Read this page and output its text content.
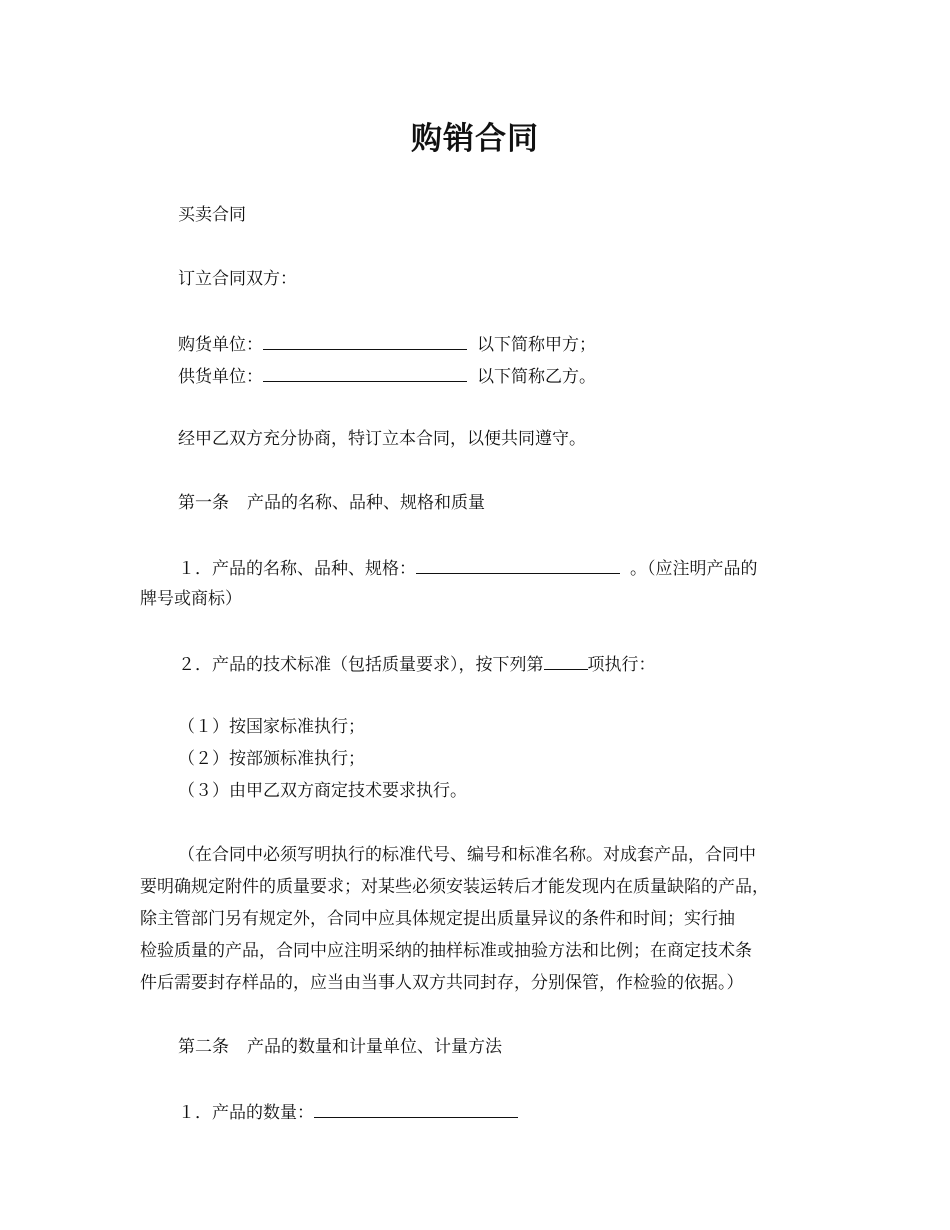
购销合同
买卖合同
订立合同双方：
购货单位：	以下简称甲方；
供货单位：	以下简称乙方。
经甲乙双方充分协商，特订立本合同，以便共同遵守。
第一条 产品的名称、品种、规格和质量
１．产品的名称、品种、规格：	。（应注明产品的
牌号或商标）
２．产品的技术标准（包括质量要求），按下列第	项执行：
（１）按国家标准执行；
（２）按部颁标准执行；
（３）由甲乙双方商定技术要求执行。
（在合同中必须写明执行的标准代号、编号和标准名称。对成套产品，合同中
要明确规定附件的质量要求；对某些必须安装运转后才能发现内在质量缺陷的产品，
除主管部门另有规定外，合同中应具体规定提出质量异议的条件和时间；实行抽
检验质量的产品，合同中应注明采纳的抽样标准或抽验方法和比例；在商定技术条
件后需要封存样品的，应当由当事人双方共同封存，分别保管，作检验的依据。）
第二条 产品的数量和计量单位、计量方法
１．产品的数量：
